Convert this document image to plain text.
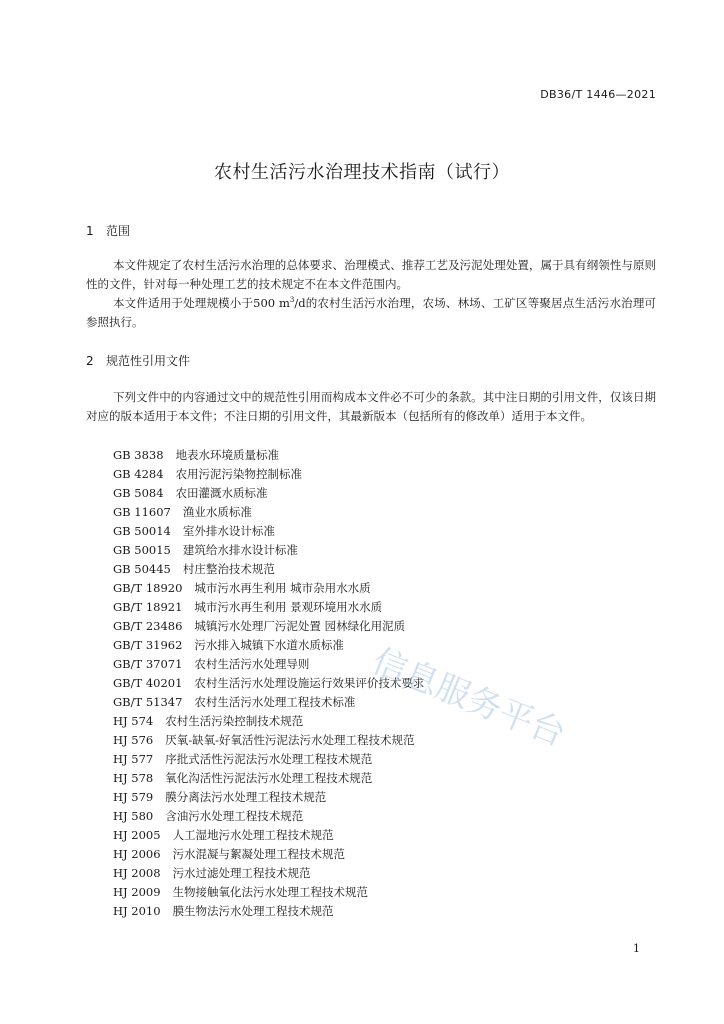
DB36/T 1446—2021
农村生活污水治理技术指南（试行）
1 范围

本文件规定了农村生活污水治理的总体要求、治理模式、推荐工艺及污泥处理处置，属于具有纲领性与原则性的文件，针对每一种处理工艺的技术规定不在本文件范围内。

本文件适用于处理规模小于500 $m^3/d$的农村生活污水治理，农场、林场、工矿区等聚居点生活污水治理可参照执行。

2 规范性引用文件

下列文件中的内容通过文中的规范性引用而构成本文件必不可少的条款。其中注日期的引用文件，仅该日期对应的版本适用于本文件；不注日期的引用文件，其最新版本（包括所有的修改单）适用于本文件。

GB 3838 地表水环境质量标准
GB 4284 农用污泥污染物控制标准
GB 5084 农田灌溉水质标准
GB 11607 渔业水质标准
GB 50014 室外排水设计标准
GB 50015 建筑给水排水设计标准
GB 50445 村庄整治技术规范
GB/T 18920 城市污水再生利用 城市杂用水水质
GB/T 18921 城市污水再生利用 景观环境用水水质
GB/T 23486 城镇污水处理厂污泥处置 园林绿化用泥质
GB/T 31962 污水排入城镇下水道水质标准
GB/T 37071 农村生活污水处理导则
GB/T 40201 农村生活污水处理设施运行效果评价技术要求
GB/T 51347 农村生活污水处理工程技术标准
HJ 574 农村生活污染控制技术规范
HJ 576 厌氧-缺氧-好氧活性污泥法污水处理工程技术规范
HJ 577 序批式活性污泥法污水处理工程技术规范
HJ 578 氧化沟活性污泥法污水处理工程技术规范
HJ 579 膜分离法污水处理工程技术规范
HJ 580 含油污水处理工程技术规范
HJ 2005 人工湿地污水处理工程技术规范
HJ 2006 污水混凝与絮凝处理工程技术规范
HJ 2008 污水过滤处理工程技术规范
HJ 2009 生物接触氧化法污水处理工程技术规范
HJ 2010 膜生物法污水处理工程技术规范
信息服务平台
1
